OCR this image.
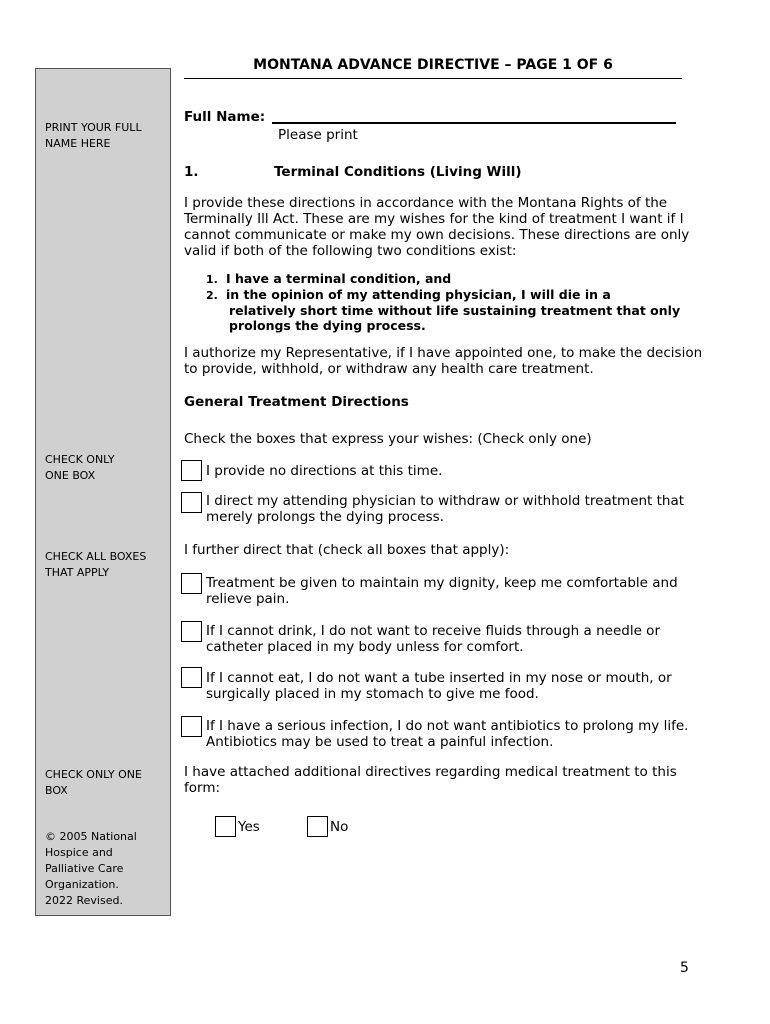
PRINT YOUR FULL
NAME HERE
CHECK ONLY
ONE BOX
CHECK ALL BOXES
THAT APPLY
CHECK ONLY ONE
BOX
© 2005 National
Hospice and
Palliative Care
Organization.
2022 Revised.
MONTANA ADVANCE DIRECTIVE – PAGE 1 OF 6
Full Name:
Please print
1.	Terminal Conditions (Living Will)
I provide these directions in accordance with the Montana Rights of the
Terminally Ill Act. These are my wishes for the kind of treatment I want if I
cannot communicate or make my own decisions. These directions are only
valid if both of the following two conditions exist:
1. I have a terminal condition, and
2. in the opinion of my attending physician, I will die in a
relatively short time without life sustaining treatment that only
prolongs the dying process.
I authorize my Representative, if I have appointed one, to make the decision
to provide, withhold, or withdraw any health care treatment.
General Treatment Directions
Check the boxes that express your wishes: (Check only one)
I provide no directions at this time.
I direct my attending physician to withdraw or withhold treatment that
merely prolongs the dying process.
I further direct that (check all boxes that apply):
Treatment be given to maintain my dignity, keep me comfortable and
relieve pain.
If I cannot drink, I do not want to receive fluids through a needle or
catheter placed in my body unless for comfort.
If I cannot eat, I do not want a tube inserted in my nose or mouth, or
surgically placed in my stomach to give me food.
If I have a serious infection, I do not want antibiotics to prolong my life.
Antibiotics may be used to treat a painful infection.
I have attached additional directives regarding medical treatment to this
form:
Yes	No
5
